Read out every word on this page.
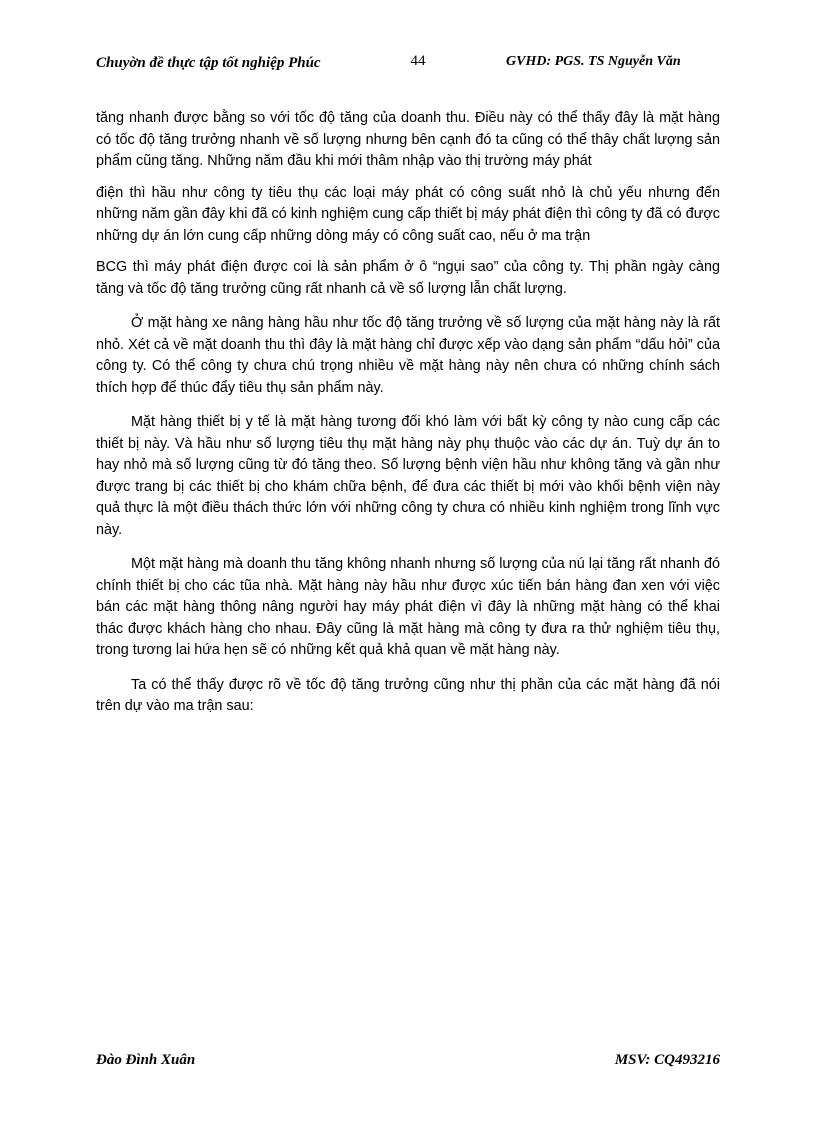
Chuyờn đề thực tập tốt nghiệp Phúc	44	GVHD: PGS. TS Nguyễn Văn

tăng nhanh được bằng so với tốc độ tăng của doanh thu. Điều này có thể thấy đây là mặt hàng có tốc độ tăng trưởng nhanh về số lượng nhưng bên cạnh đó ta cũng có thể thây chất lượng sản phẩm cũng tăng. Những năm đầu khi mới thâm nhập vào thị trường máy phát

điện thì hầu như công ty tiêu thụ các loại máy phát có công suất nhỏ là chủ yếu nhưng đến những năm gần đây khi đã có kinh nghiệm cung cấp thiết bị máy phát điện thì công ty đã có được những dự án lớn cung cấp những dòng máy có công suất cao, nếu ở ma trận

BCG thì máy phát điện được coi là sản phẩm ở ô “ngụi sao” của công ty. Thị phần ngày càng tăng và tốc độ tăng trưởng cũng rất nhanh cả về số lượng lẫn chất lượng.

Ở mặt hàng xe nâng hàng hầu như tốc độ tăng trưởng về số lượng của mặt hàng này là rất nhỏ. Xét cả về mặt doanh thu thì đây là mặt hàng chỉ được xếp vào dạng sản phẩm “dấu hỏi” của công ty. Có thể công ty chưa chú trọng nhiều về mặt hàng này nên chưa có những chính sách thích hợp để thúc đẩy tiêu thụ sản phẩm này.

Mặt hàng thiết bị y tế là mặt hàng tương đối khó làm với bất kỳ công ty nào cung cấp các thiết bị này. Và hầu như số lượng tiêu thụ mặt hàng này phụ thuộc vào các dự án. Tuỳ dự án to hay nhỏ mà số lượng cũng từ đó tăng theo. Số lượng bệnh viện hầu như không tăng và gần như được trang bị các thiết bị cho khám chữa bệnh, để đưa các thiết bị mới vào khối bệnh viện này quả thực là một điều thách thức lớn với những công ty chưa có nhiều kinh nghiệm trong lĩnh vực này.

Một mặt hàng mà doanh thu tăng không nhanh nhưng số lượng của nú lại tăng rất nhanh đó chính thiết bị cho các tũa nhà. Mặt hàng này hầu như được xúc tiến bán hàng đan xen với việc bán các mặt hàng thông nâng người hay máy phát điện vì đây là những mặt hàng có thể khai thác được khách hàng cho nhau. Đây cũng là mặt hàng mà công ty đưa ra thử nghiệm tiêu thụ, trong tương lai hứa hẹn sẽ có những kết quả khả quan về mặt hàng này.

Ta có thể thấy được rõ về tốc độ tăng trưởng cũng như thị phần của các mặt hàng đã nói trên dự vào ma trận sau:

Đào Đình Xuân	MSV: CQ493216
